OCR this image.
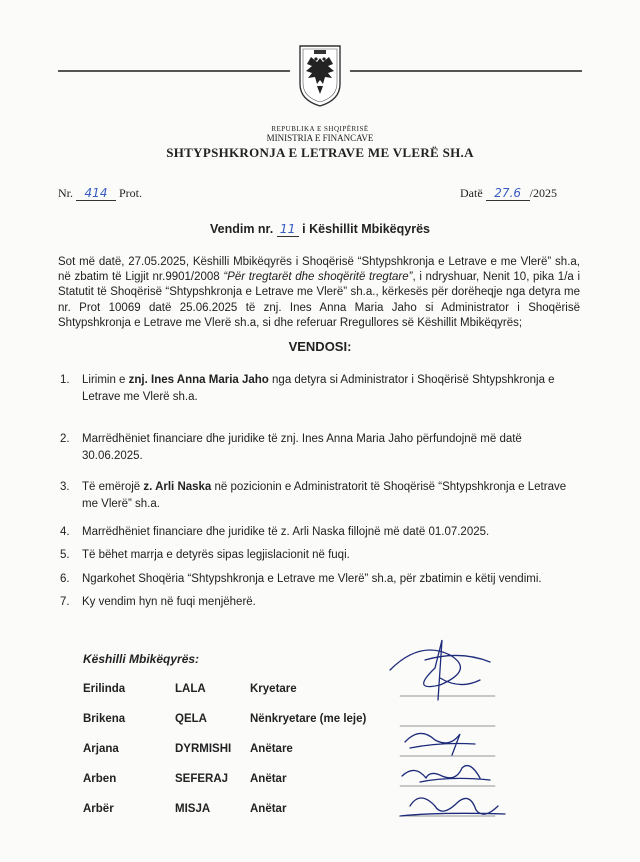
REPUBLIKA E SHQIPËRISË
MINISTRIA E FINANCAVE
SHTYPSHKRONJA E LETRAVE ME VLERË SH.A
Nr. 414 Prot.	Datë 27.6 /2025
Vendim nr. 11 i Këshillit Mbikëqyrës
Sot më datë, 27.05.2025, Këshilli Mbikëqyrës i Shoqërisë “Shtypshkronja e Letrave e me Vlerë” sh.a, në zbatim të Ligjit nr.9901/2008 “Për tregtarët dhe shoqëritë tregtare”, i ndryshuar, Nenit 10, pika 1/a i Statutit të Shoqërisë “Shtypshkronja e Letrave me Vlerë” sh.a., kërkesës për dorëheqje nga detyra me nr. Prot 10069 datë 25.06.2025 të znj. Ines Anna Maria Jaho si Administrator i Shoqërisë Shtypshkronja e Letrave me Vlerë sh.a, si dhe referuar Rregullores së Këshillit Mbikëqyrës;
VENDOSI:
1.	Lirimin e znj. Ines Anna Maria Jaho nga detyra si Administrator i Shoqërisë Shtypshkronja e Letrave me Vlerë sh.a.
2.	Marrëdhëniet financiare dhe juridike të znj. Ines Anna Maria Jaho përfundojnë më datë 30.06.2025.
3.	Të emërojë z. Arli Naska në pozicionin e Administratorit të Shoqërisë “Shtypshkronja e Letrave me Vlerë” sh.a.
4.	Marrëdhëniet financiare dhe juridike të z. Arli Naska fillojnë më datë 01.07.2025.
5.	Të bëhet marrja e detyrës sipas legjislacionit në fuqi.
6.	Ngarkohet Shoqëria “Shtypshkronja e Letrave me Vlerë” sh.a, për zbatimin e këtij vendimi.
7.	Ky vendim hyn në fuqi menjëherë.
Këshilli Mbikëqyrës:
Erilinda	LALA	Kryetare
Brikena	QELA	Nënkryetare (me leje)
Arjana	DYRMISHI Anëtare
Arben	SEFERAJ Anëtar
Arbër	MISJA	Anëtar
